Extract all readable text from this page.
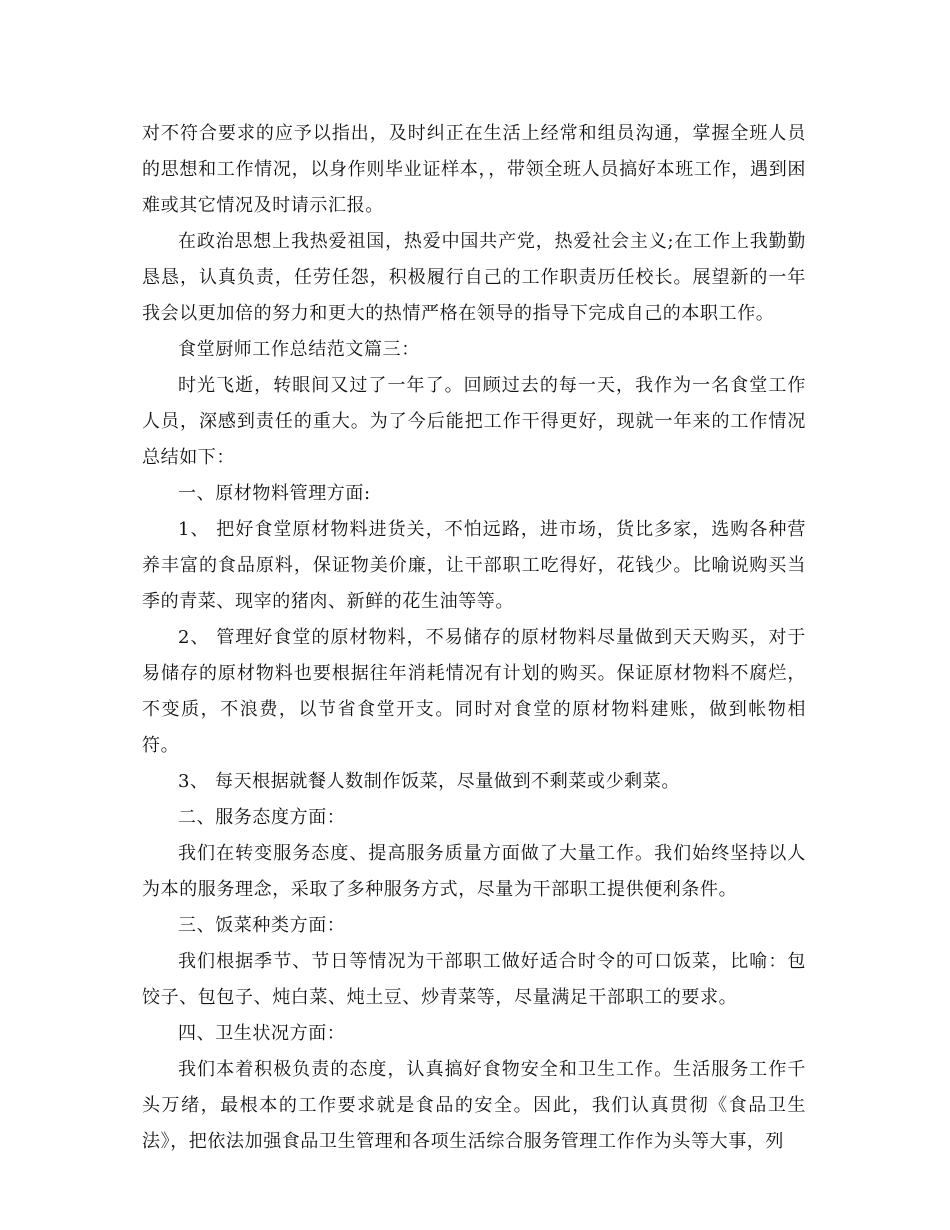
对不符合要求的应予以指出，及时纠正在生活上经常和组员沟通，掌握全班人员的思想和工作情况，以身作则毕业证样本，，带领全班人员搞好本班工作，遇到困难或其它情况及时请示汇报。

在政治思想上我热爱祖国，热爱中国共产党，热爱社会主义;在工作上我勤勤恳恳，认真负责，任劳任怨，积极履行自己的工作职责历任校长。展望新的一年我会以更加倍的努力和更大的热情严格在领导的指导下完成自己的本职工作。

食堂厨师工作总结范文篇三：

时光飞逝，转眼间又过了一年了。回顾过去的每一天，我作为一名食堂工作人员，深感到责任的重大。为了今后能把工作干得更好，现就一年来的工作情况总结如下：

一、原材物料管理方面:

1、 把好食堂原材物料进货关，不怕远路，进市场，货比多家，选购各种营养丰富的食品原料，保证物美价廉，让干部职工吃得好，花钱少。比喻说购买当季的青菜、现宰的猪肉、新鲜的花生油等等。

2、 管理好食堂的原材物料，不易储存的原材物料尽量做到天天购买，对于易储存的原材物料也要根据往年消耗情况有计划的购买。保证原材物料不腐烂，不变质，不浪费，以节省食堂开支。同时对食堂的原材物料建账，做到帐物相符。

3、 每天根据就餐人数制作饭菜，尽量做到不剩菜或少剩菜。

二、服务态度方面：

我们在转变服务态度、提高服务质量方面做了大量工作。我们始终坚持以人为本的服务理念，采取了多种服务方式，尽量为干部职工提供便利条件。

三、饭菜种类方面：

我们根据季节、节日等情况为干部职工做好适合时令的可口饭菜，比喻：包饺子、包包子、炖白菜、炖土豆、炒青菜等，尽量满足干部职工的要求。

四、卫生状况方面：

我们本着积极负责的态度，认真搞好食物安全和卫生工作。生活服务工作千头万绪，最根本的工作要求就是食品的安全。因此，我们认真贯彻《食品卫生法》，把依法加强食品卫生管理和各项生活综合服务管理工作作为头等大事，列
